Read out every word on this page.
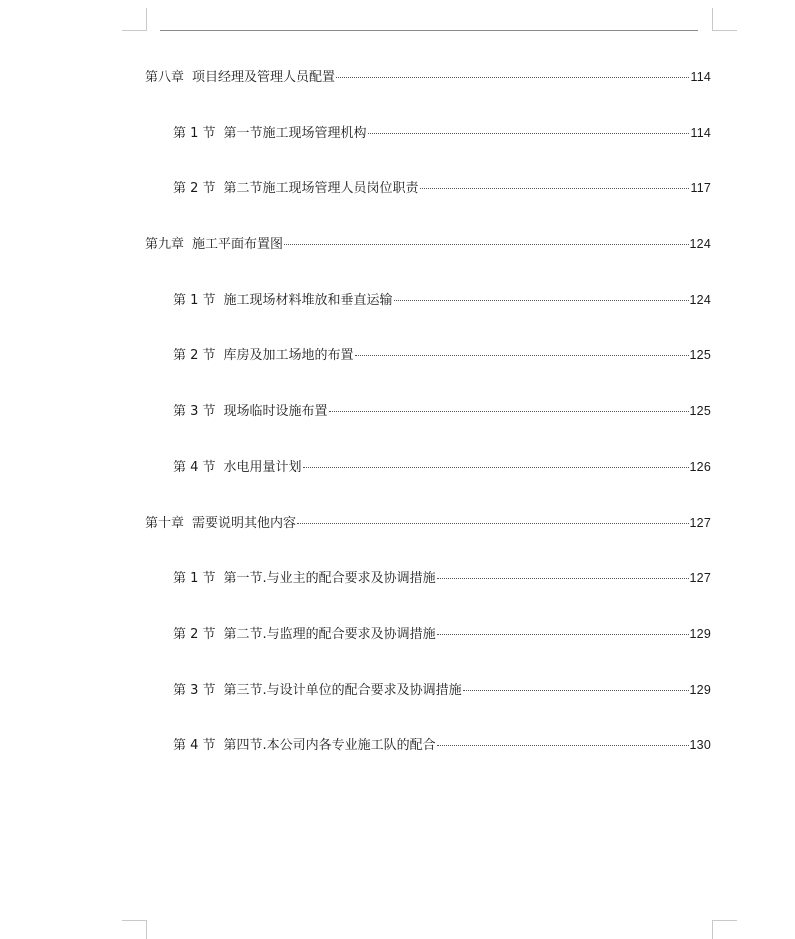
第八章 项目经理及管理人员配置	114
第 1 节 第一节施工现场管理机构	114
第 2 节 第二节施工现场管理人员岗位职责	117
第九章 施工平面布置图	124
第 1 节 施工现场材料堆放和垂直运输	124
第 2 节 库房及加工场地的布置	125
第 3 节 现场临时设施布置	125
第 4 节 水电用量计划	126
第十章 需要说明其他内容	127
第 1 节 第一节.与业主的配合要求及协调措施	127
第 2 节 第二节.与监理的配合要求及协调措施	129
第 3 节 第三节.与设计单位的配合要求及协调措施	129
第 4 节 第四节.本公司内各专业施工队的配合	130
